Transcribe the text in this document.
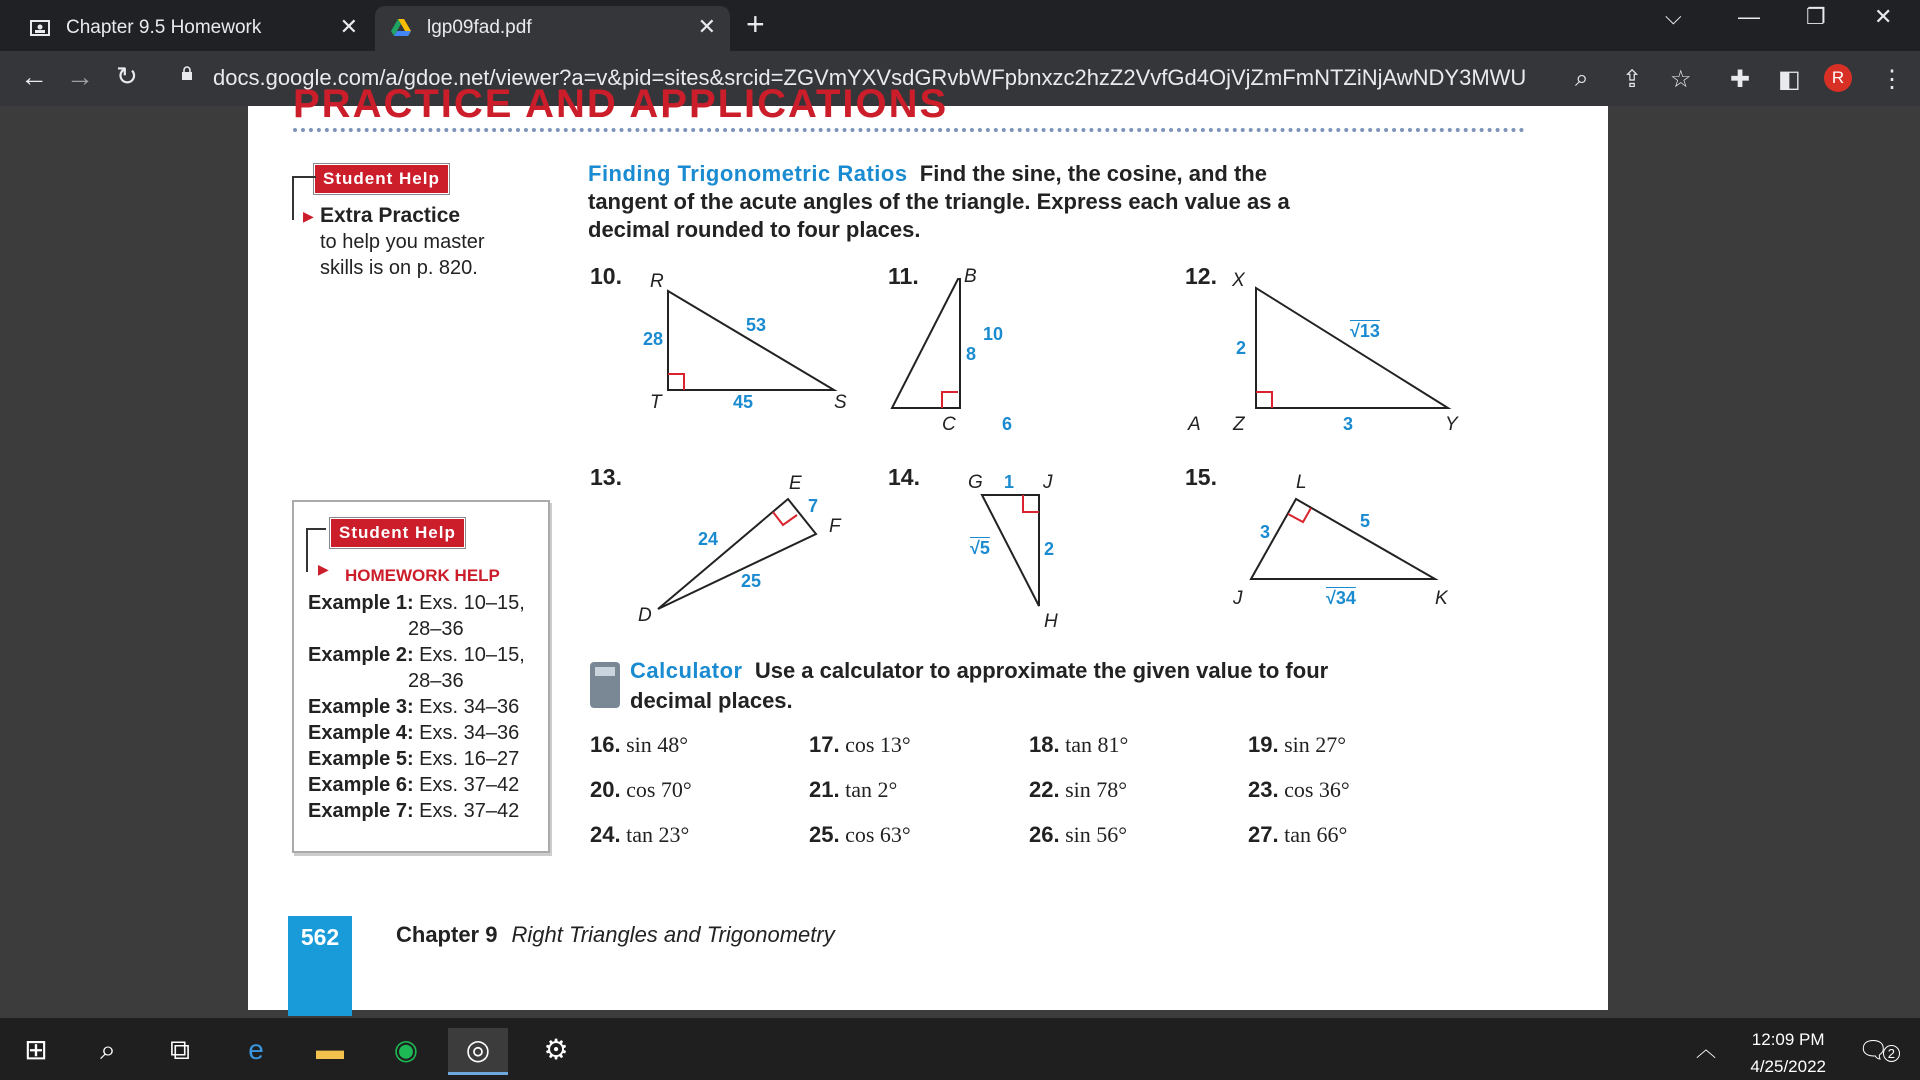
Chapter 9.5 Homework	✕	lgp09fad.pdf	✕ +	⌵	— ❐ ✕
← → ↻	docs.google.com/a/gdoe.net/viewer?a=v&pid=sites&srcid=ZGVmYXVsdGRvbWFpbnxzc2hzZ2VvfGd4OjVjZmFmNTZiNjAwNDY3MWU ⌕ ⇪ ☆ ✚ ◧	R	⋮
PRACTICE AND APPLICATIONS
Student Help
▶ Extra Practice
to help you master
skills is on p. 820.
Student Help
▶ HOMEWORK HELP
Example 1: Exs. 10–15,
28–36
Example 2: Exs. 10–15,
28–36
Example 3: Exs. 34–36
Example 4: Exs. 34–36
Example 5: Exs. 16–27
Example 6: Exs. 37–42
Example 7: Exs. 37–42
Finding Trigonometric Ratios Find the sine, the cosine, and the
tangent of the acute angles of the triangle. Express each value as a
decimal rounded to four places.
10. R
T	S
28
53
45
11. B
C	A
10
8
6
12. X
Z	Y
2
√13
3
13.	E
F
D
7
24
25
14.	G	J
H
1
√5	2
15.	L
J	K
3
5
√34
Calculator Use a calculator to approximate the given value to four
decimal places.
16. sin 48°	17. cos 13°	18. tan 81°	19. sin 27°
20. cos 70°	21. tan 2°	22. sin 78°	23. cos 36°
24. tan 23°	25. cos 63°	26. sin 56°	27. tan 66°
562	Chapter 9 Right Triangles and Trigonometry
⊞	⌕	⧉	e	▬	◉	◎	⚙	︿	12:09 PM
4/25/2022
🗨2
